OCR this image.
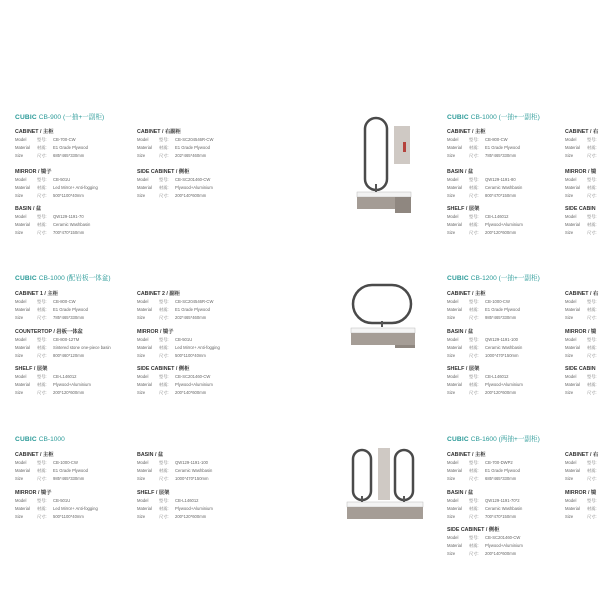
CUBIC CB-900 (一抽+一副柜)
CABINET / 主柜
Model	型号: CB-700-CW
Material 材质: E1 Grade Plywood
Size	尺寸: 685*465*330mm
CABINET / 右副柜
Model	型号: CB-SC204546R-CW
Material 材质: E1 Grade Plywood
Size	尺寸: 202*465*460mm
MIRROR / 镜子
Model	型号: CB-501U
Material 材质: Led Mirror+ Anti-fogging
Size	尺寸: 500*1100*40mm
SIDE CABINET / 侧柜
Model	型号: CB-SC201460-CW
Material 材质: Plywood+Aluminium
Size	尺寸: 200*140*600mm
BASIN / 盆
Model	型号: QW129-1191-70
Material 材质: Ceramic Washbasin
Size	尺寸: 700*470*150mm
CUBIC CB-1000 (一抽+一副柜)
CABINET / 主柜
Model	型号: CB-800-CW
Material 材质: E1 Grade Plywood
Size	尺寸: 785*465*330mm
CABINET / 右
Model	型号:
Material 材质:
Size	尺寸:
BASIN / 盆
Model	型号: QW129-1191-80
Material 材质: Ceramic Washbasin
Size	尺寸: 800*470*150mm
MIRROR / 镜
Model	型号:
Material 材质:
Size	尺寸:
SHELF / 层架
Model	型号: CB-L146012
Material 材质: Plywood+Aluminium
Size	尺寸: 200*120*600mm
SIDE CABIN
Model	型号:
Material 材质:
Size	尺寸:
CUBIC CB-1000 (配岩板一体盆)
CABINET 1 / 主柜
Model	型号: CB-800-CW
Material 材质: E1 Grade Plywood
Size	尺寸: 785*465*330mm
CABINET 2 / 副柜
Model	型号: CB-SC204546R-CW
Material 材质: E1 Grade Plywood
Size	尺寸: 202*465*460mm
COUNTERTOP / 岩板一体盆
Model	型号: CB-800-12TM
Material 材质: Sintered stone one-piece basin
Size	尺寸: 800*460*120mm
MIRROR / 镜子
Model	型号: CB-501U
Material 材质: Led Mirror+ Anti-fogging
Size	尺寸: 500*1100*40mm
SHELF / 层架
Model	型号: CB-L146012
Material 材质: Plywood+Aluminium
Size	尺寸: 200*120*600mm
SIDE CABINET / 侧柜
Model	型号: CB-SC201460-CW
Material 材质: Plywood+Aluminium
Size	尺寸: 200*140*600mm
CUBIC CB-1200 (一抽+一副柜)
CABINET / 主柜
Model	型号: CB-1000-CW
Material 材质: E1 Grade Plywood
Size	尺寸: 985*465*330mm
CABINET / 右
Model	型号:
Material 材质:
Size	尺寸:
BASIN / 盆
Model	型号: QW129-1191-100
Material 材质: Ceramic Washbasin
Size	尺寸: 1000*470*150mm
MIRROR / 镜
Model	型号:
Material 材质:
Size	尺寸:
SHELF / 层架
Model	型号: CB-L146012
Material 材质: Plywood+Aluminium
Size	尺寸: 200*120*600mm
SIDE CABIN
Model	型号:
Material 材质:
Size	尺寸:
CUBIC CB-1000
CABINET / 主柜
Model	型号: CB-1000-CW
Material 材质: E1 Grade Plywood
Size	尺寸: 985*465*330mm
BASIN / 盆
Model	型号: QW129-1191-100
Material 材质: Ceramic Washbasin
Size	尺寸: 1000*470*150mm
MIRROR / 镜子
Model	型号: CB-501U
Material 材质: Led Mirror+ Anti-fogging
Size	尺寸: 500*1100*40mm
SHELF / 层架
Model	型号: CB-L146012
Material 材质: Plywood+Aluminium
Size	尺寸: 200*120*600mm
CUBIC CB-1600 (两抽+一副柜)
CABINET / 主柜
Model	型号: CB-700-DWP2
Material 材质: E1 Grade Plywood
Size	尺寸: 685*465*330mm
CABINET / 右
Model	型号:
Material 材质:
Size	尺寸:
BASIN / 盆
Model	型号: QW129-1191-70*2
Material 材质: Ceramic Washbasin
Size	尺寸: 700*470*150mm
MIRROR / 镜
Model	型号:
Material 材质:
Size	尺寸:
SIDE CABINET / 侧柜
Model	型号: CB-SC201460-CW
Material 材质: Plywood+Aluminium
Size	尺寸: 200*140*600mm
